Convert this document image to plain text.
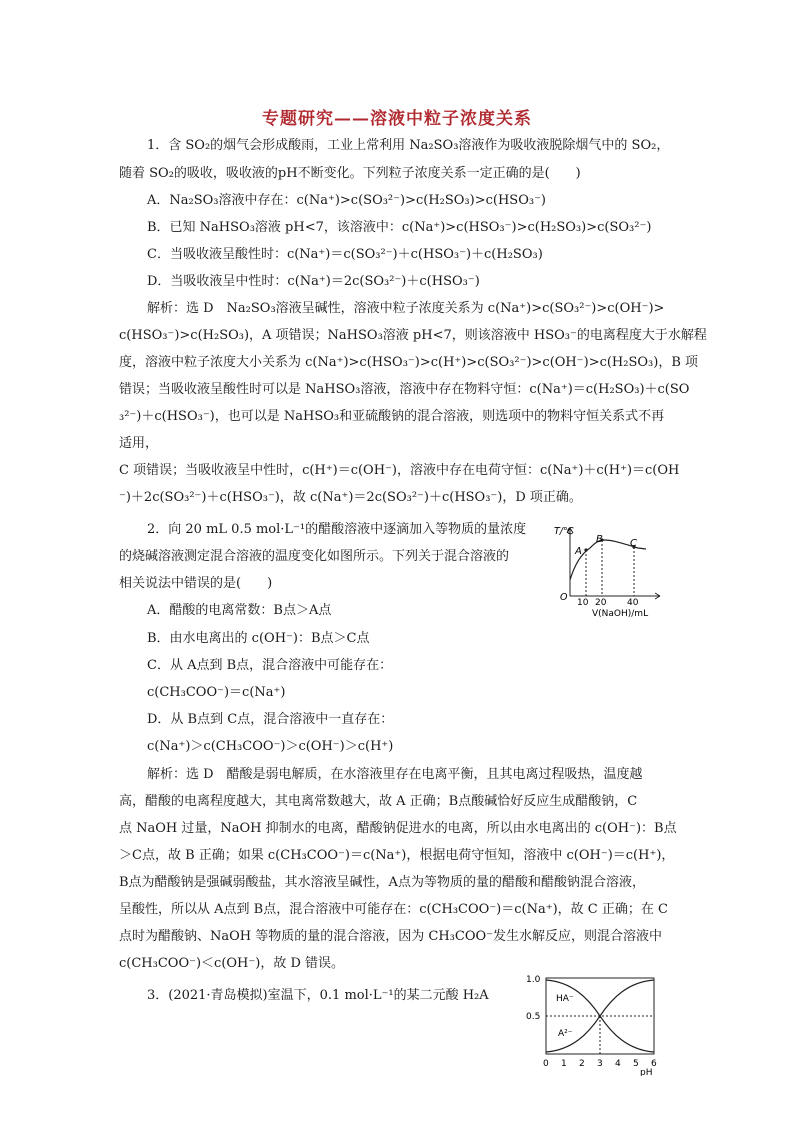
专题研究——溶液中粒子浓度关系
1．含 SO₂的烟气会形成酸雨，工业上常利用 Na₂SO₃溶液作为吸收液脱除烟气中的 SO₂，
随着 SO₂的吸收，吸收液的pH不断变化。下列粒子浓度关系一定正确的是(　　)
A．Na₂SO₃溶液中存在：c(Na⁺)>c(SO₃²⁻)>c(H₂SO₃)>c(HSO₃⁻)
B．已知 NaHSO₃溶液 pH<7，该溶液中：c(Na⁺)>c(HSO₃⁻)>c(H₂SO₃)>c(SO₃²⁻)
C．当吸收液呈酸性时：c(Na⁺)＝c(SO₃²⁻)＋c(HSO₃⁻)＋c(H₂SO₃)
D．当吸收液呈中性时：c(Na⁺)＝2c(SO₃²⁻)＋c(HSO₃⁻)
解析：选 D　Na₂SO₃溶液呈碱性，溶液中粒子浓度关系为 c(Na⁺)>c(SO₃²⁻)>c(OH⁻)>
c(HSO₃⁻)>c(H₂SO₃)，A 项错误；NaHSO₃溶液 pH<7，则该溶液中 HSO₃⁻的电离程度大于水解程
度，溶液中粒子浓度大小关系为 c(Na⁺)>c(HSO₃⁻)>c(H⁺)>c(SO₃²⁻)>c(OH⁻)>c(H₂SO₃)，B 项
错误；当吸收液呈酸性时可以是 NaHSO₃溶液，溶液中存在物料守恒：c(Na⁺)＝c(H₂SO₃)＋c(SO
₃²⁻)＋c(HSO₃⁻)，也可以是 NaHSO₃和亚硫酸钠的混合溶液，则选项中的物料守恒关系式不再
适用，
C 项错误；当吸收液呈中性时，c(H⁺)＝c(OH⁻)，溶液中存在电荷守恒：c(Na⁺)＋c(H⁺)＝c(OH
⁻)＋2c(SO₃²⁻)＋c(HSO₃⁻)，故 c(Na⁺)＝2c(SO₃²⁻)＋c(HSO₃⁻)，D 项正确。
2．向 20 mL 0.5 mol·L⁻¹的醋酸溶液中逐滴加入等物质的量浓度
的烧碱溶液测定混合溶液的温度变化如图所示。下列关于混合溶液的
相关说法中错误的是(　　)
A．醋酸的电离常数：B点＞A点
B．由水电离出的 c(OH⁻)：B点＞C点
C．从 A点到 B点，混合溶液中可能存在：
c(CH₃COO⁻)＝c(Na⁺)
D．从 B点到 C点，混合溶液中一直存在：
c(Na⁺)＞c(CH₃COO⁻)＞c(OH⁻)＞c(H⁺)
解析：选 D　醋酸是弱电解质，在水溶液里存在电离平衡，且其电离过程吸热，温度越
高，醋酸的电离程度越大，其电离常数越大，故 A 正确；B点酸碱恰好反应生成醋酸钠，C
点 NaOH 过量，NaOH 抑制水的电离，醋酸钠促进水的电离，所以由水电离出的 c(OH⁻)：B点
＞C点，故 B 正确；如果 c(CH₃COO⁻)＝c(Na⁺)，根据电荷守恒知，溶液中 c(OH⁻)＝c(H⁺)，
B点为醋酸钠是强碱弱酸盐，其水溶液呈碱性，A点为等物质的量的醋酸和醋酸钠混合溶液，
呈酸性，所以从 A点到 B点，混合溶液中可能存在：c(CH₃COO⁻)＝c(Na⁺)，故 C 正确；在 C
点时为醋酸钠、NaOH 等物质的量的混合溶液，因为 CH₃COO⁻发生水解反应，则混合溶液中
c(CH₃COO⁻)＜c(OH⁻)，故 D 错误。
3．(2021·青岛模拟)室温下，0.1 mol·L⁻¹的某二元酸 H₂A
T/℃
A
B	C
O 10 20 40
V(NaOH)/mL
1.0
0.5
HA⁻
A²⁻
0 1 2 3 4 5 6
pH
